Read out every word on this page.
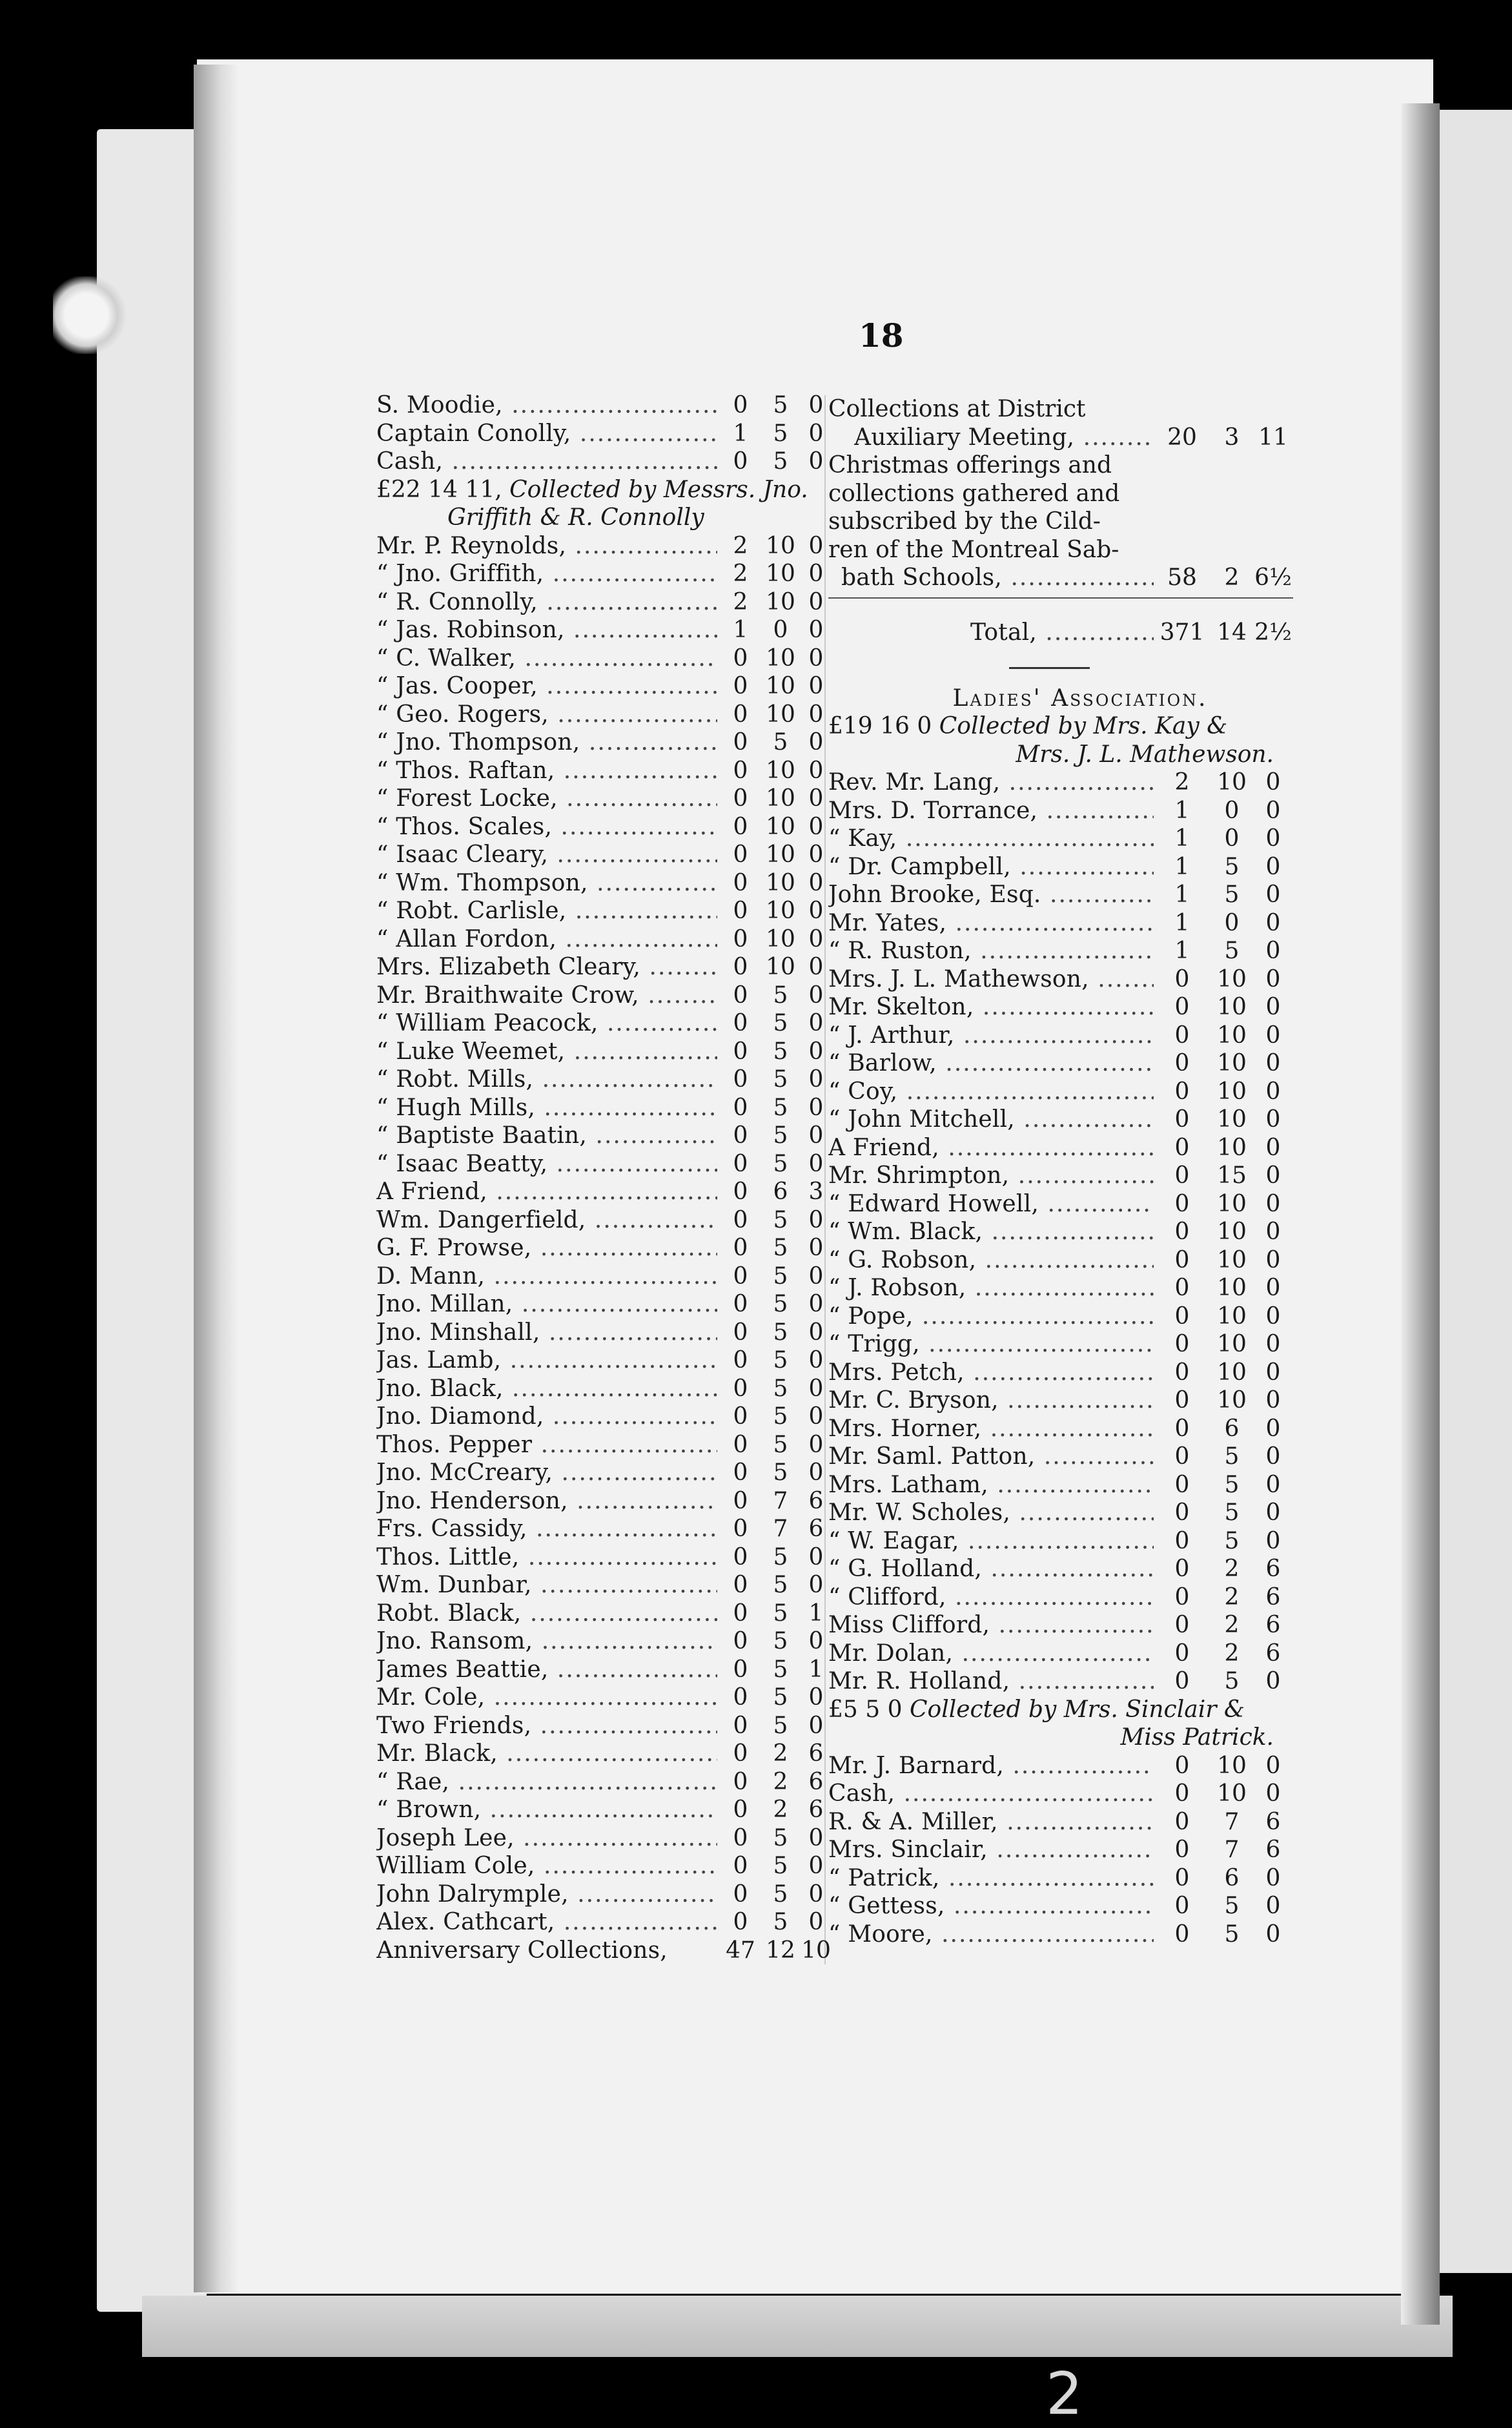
2
18
S. Moodie, .....	0	5 0
Captain Conolly, .....	1	5 0
Cash, .....	0	5 0
£22 14 11, Collected by Messrs. Jno.
Griffith & R. Connolly
Mr. P. Reynolds, .....	2 10 0
“ Jno. Griffith, .....	2 10 0
“ R. Connolly, .....	2 10 0
“ Jas. Robinson, .....	1	0 0
“ C. Walker, .....	0 10 0
“ Jas. Cooper, .....	0 10 0
“ Geo. Rogers, .....	0 10 0
“ Jno. Thompson, .....	0	5 0
“ Thos. Raftan, .....	0 10 0
“ Forest Locke, .....	0 10 0
“ Thos. Scales, .....	0 10 0
“ Isaac Cleary, .....	0 10 0
“ Wm. Thompson, .....	0 10 0
“ Robt. Carlisle, .....	0 10 0
“ Allan Fordon, .....	0 10 0
Mrs. Elizabeth Cleary, .....	0 10 0
Mr. Braithwaite Crow, .....	0	5 0
“ William Peacock, .....	0	5 0
“ Luke Weemet, .....	0	5 0
“ Robt. Mills, .....	0	5 0
“ Hugh Mills, .....	0	5 0
“ Baptiste Baatin, .....	0	5 0
“ Isaac Beatty, .....	0	5 0
A Friend, .....	0	6 3
Wm. Dangerfield, .....	0	5 0
G. F. Prowse, .....	0	5 0
D. Mann, .....	0	5 0
Jno. Millan, .....	0	5 0
Jno. Minshall, .....	0	5 0
Jas. Lamb, .....	0	5 0
Jno. Black, .....	0	5 0
Jno. Diamond, .....	0	5 0
Thos. Pepper .....	0	5 0
Jno. McCreary, .....	0	5 0
Jno. Henderson, .....	0	7 6
Frs. Cassidy, .....	0	7 6
Thos. Little, .....	0	5 0
Wm. Dunbar, .....	0	5 0
Robt. Black, .....	0	5 1
Jno. Ransom, .....	0	5 0
James Beattie, .....	0	5 1
Mr. Cole, .....	0	5 0
Two Friends, .....	0	5 0
Mr. Black, .....	0	2 6
“ Rae, .....	0	2 6
“ Brown, .....	0	2 6
Joseph Lee, .....	0	5 0
William Cole, .....	0	5 0
John Dalrymple, .....	0	5 0
Alex. Cathcart, .....	0	5 0
Anniversary Collections,	47 12 10
Collections at District
Auxiliary Meeting, .....	20	3 11
Christmas offerings and
collections gathered and
subscribed by the Cild-
ren of the Montreal Sab-
bath Schools, .....	58	2 6½
Total, .....	371 14 2½
Ladies' Association.
£19 16 0 Collected by Mrs. Kay &
Mrs. J. L. Mathewson.
Rev. Mr. Lang, .....	2	10 0
Mrs. D. Torrance, .....	1	0	0
“ Kay, .....	1	0	0
“ Dr. Campbell, .....	1	5	0
John Brooke, Esq. .....	1	5	0
Mr. Yates, .....	1	0	0
“ R. Ruston, .....	1	5	0
Mrs. J. L. Mathewson, .....	0	10 0
Mr. Skelton, .....	0	10 0
“ J. Arthur, .....	0	10 0
“ Barlow, .....	0	10 0
“ Coy, .....	0	10 0
“ John Mitchell, .....	0	10 0
A Friend, .....	0	10 0
Mr. Shrimpton, .....	0	15 0
“ Edward Howell, .....	0	10 0
“ Wm. Black, .....	0	10 0
“ G. Robson, .....	0	10 0
“ J. Robson, .....	0	10 0
“ Pope, .....	0	10 0
“ Trigg, .....	0	10 0
Mrs. Petch, .....	0	10 0
Mr. C. Bryson, .....	0	10 0
Mrs. Horner, .....	0	6	0
Mr. Saml. Patton, .....	0	5	0
Mrs. Latham, .....	0	5	0
Mr. W. Scholes, .....	0	5	0
“ W. Eagar, .....	0	5	0
“ G. Holland, .....	0	2	6
“ Clifford, .....	0	2	6
Miss Clifford, .....	0	2	6
Mr. Dolan, .....	0	2	6
Mr. R. Holland, .....	0	5	0
£5 5 0 Collected by Mrs. Sinclair &
Miss Patrick.
Mr. J. Barnard, .....	0	10 0
Cash, .....	0	10 0
R. & A. Miller, .....	0	7	6
Mrs. Sinclair, .....	0	7	6
“ Patrick, .....	0	6	0
“ Gettess, .....	0	5	0
“ Moore, .....	0	5	0
